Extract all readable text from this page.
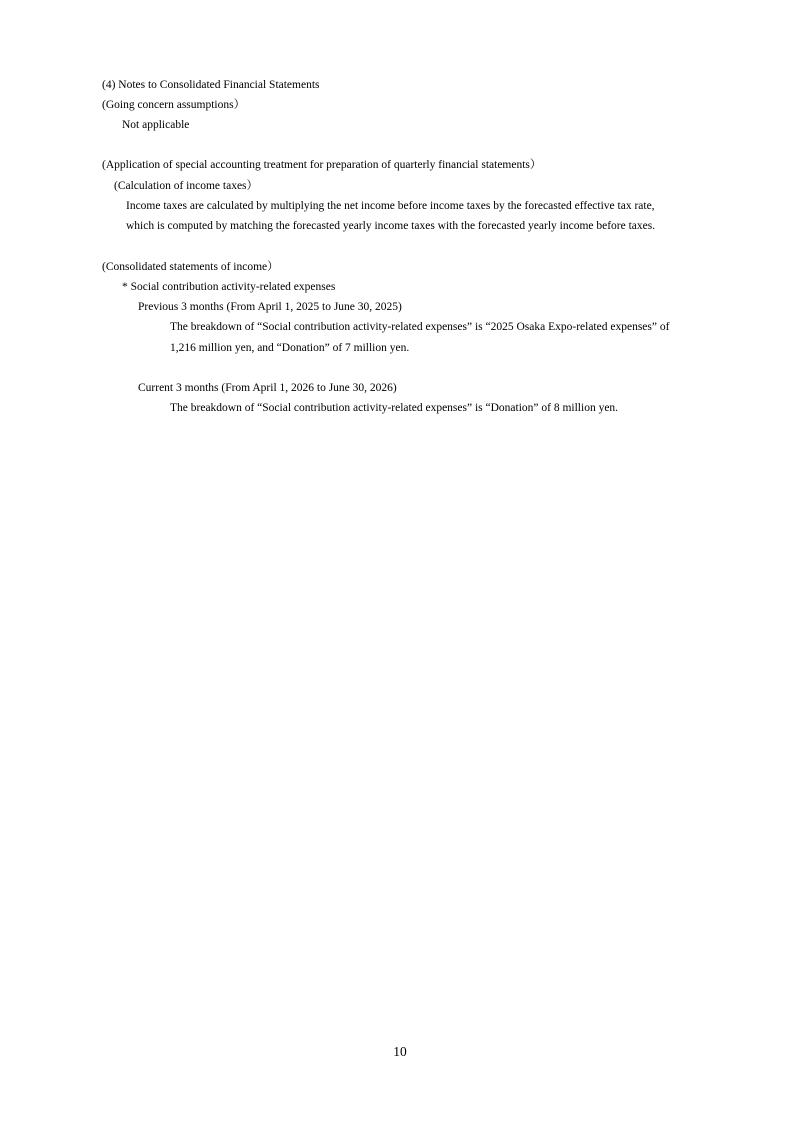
(4) Notes to Consolidated Financial Statements
(Going concern assumptions）
Not applicable
(Application of special accounting treatment for preparation of quarterly financial statements）
(Calculation of income taxes）
Income taxes are calculated by multiplying the net income before income taxes by the forecasted effective tax rate,
which is computed by matching the forecasted yearly income taxes with the forecasted yearly income before taxes.
(Consolidated statements of income）
* Social contribution activity-related expenses
Previous 3 months (From April 1, 2025 to June 30, 2025)
The breakdown of “Social contribution activity-related expenses” is “2025 Osaka Expo-related expenses” of
1,216 million yen, and “Donation” of 7 million yen.
Current 3 months (From April 1, 2026 to June 30, 2026)
The breakdown of “Social contribution activity-related expenses” is “Donation” of 8 million yen.
10
